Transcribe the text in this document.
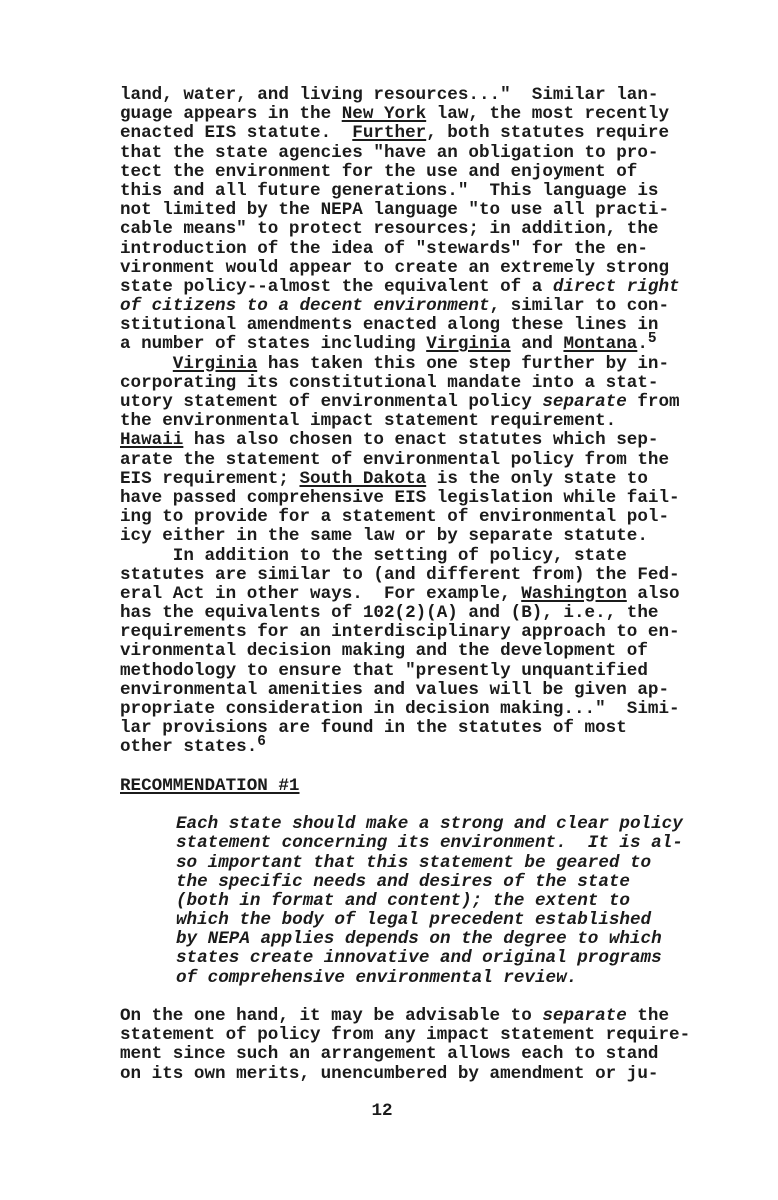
land, water, and living resources..."  Similar lan-
guage appears in the New York law, the most recently
enacted EIS statute.  Further, both statutes require
that the state agencies "have an obligation to pro-
tect the environment for the use and enjoyment of
this and all future generations."  This language is
not limited by the NEPA language "to use all practi-
cable means" to protect resources; in addition, the
introduction of the idea of "stewards" for the en-
vironment would appear to create an extremely strong
state policy--almost the equivalent of a direct right
of citizens to a decent environment, similar to con-
stitutional amendments enacted along these lines in
a number of states including Virginia and Montana.5
Virginia has taken this one step further by in-
corporating its constitutional mandate into a stat-
utory statement of environmental policy separate from
the environmental impact statement requirement.
Hawaii has also chosen to enact statutes which sep-
arate the statement of environmental policy from the
EIS requirement; South Dakota is the only state to
have passed comprehensive EIS legislation while fail-
ing to provide for a statement of environmental pol-
icy either in the same law or by separate statute.
In addition to the setting of policy, state
statutes are similar to (and different from) the Fed-
eral Act in other ways.  For example, Washington also
has the equivalents of 102(2)(A) and (B), i.e., the
requirements for an interdisciplinary approach to en-
vironmental decision making and the development of
methodology to ensure that "presently unquantified
environmental amenities and values will be given ap-
propriate consideration in decision making..."  Simi-
lar provisions are found in the statutes of most
other states.6
RECOMMENDATION #1
Each state should make a strong and clear policy
statement concerning its environment.  It is al-
so important that this statement be geared to
the specific needs and desires of the state
(both in format and content); the extent to
which the body of legal precedent established
by NEPA applies depends on the degree to which
states create innovative and original programs
of comprehensive environmental review.
On the one hand, it may be advisable to separate the
statement of policy from any impact statement require-
ment since such an arrangement allows each to stand
on its own merits, unencumbered by amendment or ju-
12
